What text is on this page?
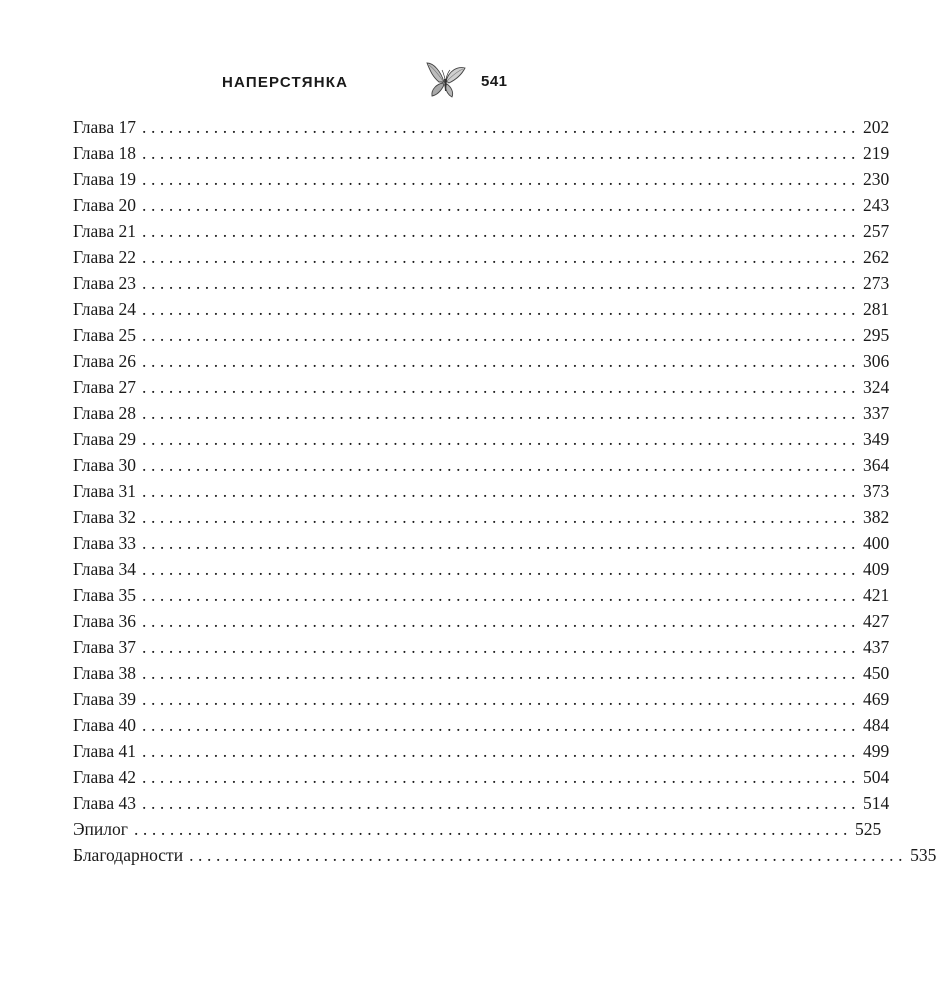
НАПЕРСТЯНКА	541
Глава 17 ................................................................................ 202
Глава 18 ................................................................................ 219
Глава 19 ................................................................................ 230
Глава 20 ................................................................................ 243
Глава 21 ................................................................................ 257
Глава 22 ................................................................................ 262
Глава 23 ................................................................................ 273
Глава 24 ................................................................................ 281
Глава 25 ................................................................................ 295
Глава 26 ................................................................................ 306
Глава 27 ................................................................................ 324
Глава 28 ................................................................................ 337
Глава 29 ................................................................................ 349
Глава 30 ................................................................................ 364
Глава 31 ................................................................................ 373
Глава 32 ................................................................................ 382
Глава 33 ................................................................................ 400
Глава 34 ................................................................................ 409
Глава 35 ................................................................................ 421
Глава 36 ................................................................................ 427
Глава 37 ................................................................................ 437
Глава 38 ................................................................................ 450
Глава 39 ................................................................................ 469
Глава 40 ................................................................................ 484
Глава 41 ................................................................................ 499
Глава 42 ................................................................................ 504
Глава 43 ................................................................................ 514
Эпилог ................................................................................ 525
Благодарности ................................................................................ 535
